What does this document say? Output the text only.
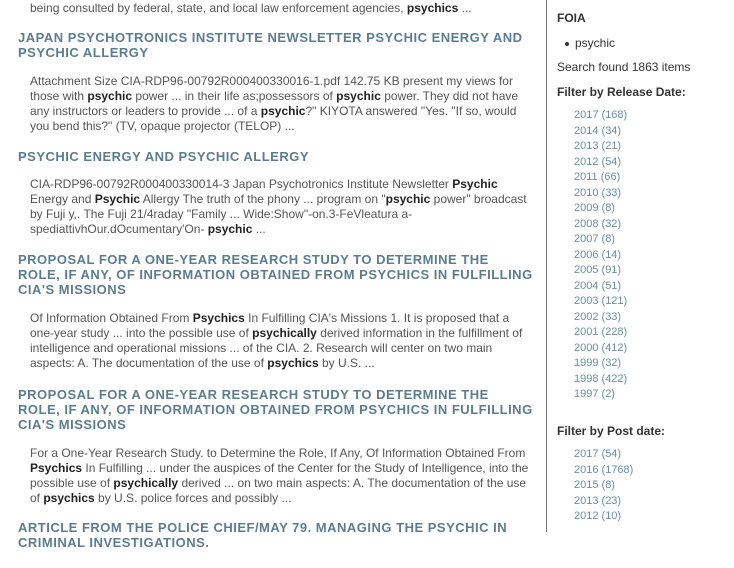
being consulted by federal, state, and local law enforcement agencies, psychics ...
JAPAN PSYCHOTRONICS INSTITUTE NEWSLETTER PSYCHIC ENERGY AND PSYCHIC ALLERGY
Attachment Size CIA-RDP96-00792R000400330016-1.pdf 142.75 KB present my views for those with psychic power ... in their life as;possessors of psychic power. They did not have any instructors or leaders to provide ... of a psychic?" KIYOTA answered "Yes. "If so, would you bend this?" (TV, opaque projector (TELOP) ...
PSYCHIC ENERGY AND PSYCHIC ALLERGY
CIA-RDP96-00792R000400330014-3 Japan Psychotronics Institute Newsletter Psychic Energy and Psychic Allergy The truth of the phony ... program on "psychic power" broadcast by Fuji у,. The Fuji 21/4raday "Family ... Wide:Show"-on.3-FeVleatura a-spediattivhOur.dOcumentary'On- psychic ...
PROPOSAL FOR A ONE-YEAR RESEARCH STUDY TO DETERMINE THE ROLE, IF ANY, OF INFORMATION OBTAINED FROM PSYCHICS IN FULFILLING CIA'S MISSIONS
Of Information Obtained From Psychics In Fulfilling CIA's Missions 1. It is proposed that a one-year study ... into the possible use of psychically derived information in the fulfillment of intelligence and operational missions ... of the CIA. 2. Research will center on two main aspects: A. The documentation of the use of psychics by U.S. ...
PROPOSAL FOR A ONE-YEAR RESEARCH STUDY TO DETERMINE THE ROLE, IF ANY, OF INFORMATION OBTAINED FROM PSYCHICS IN FULFILLING CIA'S MISSIONS
For a One-Year Research Study. to Determine the Role, If Any, Of Information Obtained From Psychics In Fulfilling ... under the auspices of the Center for the Study of Intelligence, into the possible use of psychically derived ... on two main aspects: A. The documentation of the use of psychics by U.S. police forces and possibly ...
ARTICLE FROM THE POLICE CHIEF/MAY 79. MANAGING THE PSYCHIC IN CRIMINAL INVESTIGATIONS.
FOIA
psychic
Search found 1863 items
Filter by Release Date:
2017 (168)
2014 (34)
2013 (21)
2012 (54)
2011 (66)
2010 (33)
2009 (8)
2008 (32)
2007 (8)
2006 (14)
2005 (91)
2004 (51)
2003 (121)
2002 (33)
2001 (228)
2000 (412)
1999 (32)
1998 (422)
1997 (2)
Filter by Post date:
2017 (54)
2016 (1768)
2015 (8)
2013 (23)
2012 (10)
